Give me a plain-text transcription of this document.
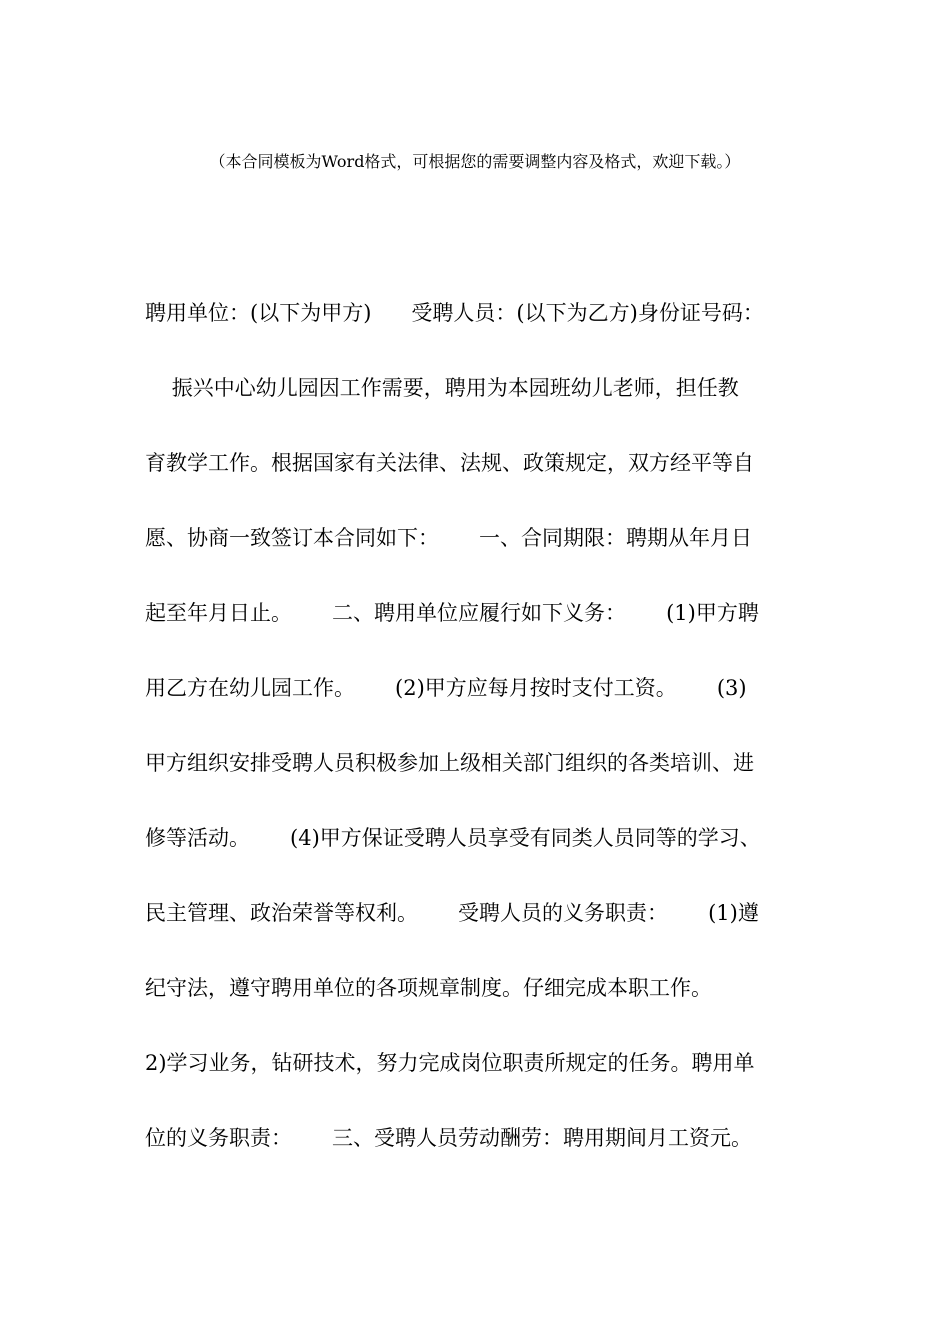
（本合同模板为Word格式，可根据您的需要调整内容及格式，欢迎下载。）
聘用单位：(以下为甲方)      受聘人员：(以下为乙方)身份证号码：
振兴中心幼儿园因工作需要，聘用为本园班幼儿老师，担任教
育教学工作。根据国家有关法律、法规、政策规定，双方经平等自
愿、协商一致签订本合同如下：      一、合同期限：聘期从年月日
起至年月日止。      二、聘用单位应履行如下义务：      (1)甲方聘
用乙方在幼儿园工作。      (2)甲方应每月按时支付工资。      (3)
甲方组织安排受聘人员积极参加上级相关部门组织的各类培训、进
修等活动。      (4)甲方保证受聘人员享受有同类人员同等的学习、
民主管理、政治荣誉等权利。      受聘人员的义务职责：      (1)遵
纪守法，遵守聘用单位的各项规章制度。仔细完成本职工作。
2)学习业务，钻研技术，努力完成岗位职责所规定的任务。聘用单
位的义务职责：      三、受聘人员劳动酬劳：聘用期间月工资元。
